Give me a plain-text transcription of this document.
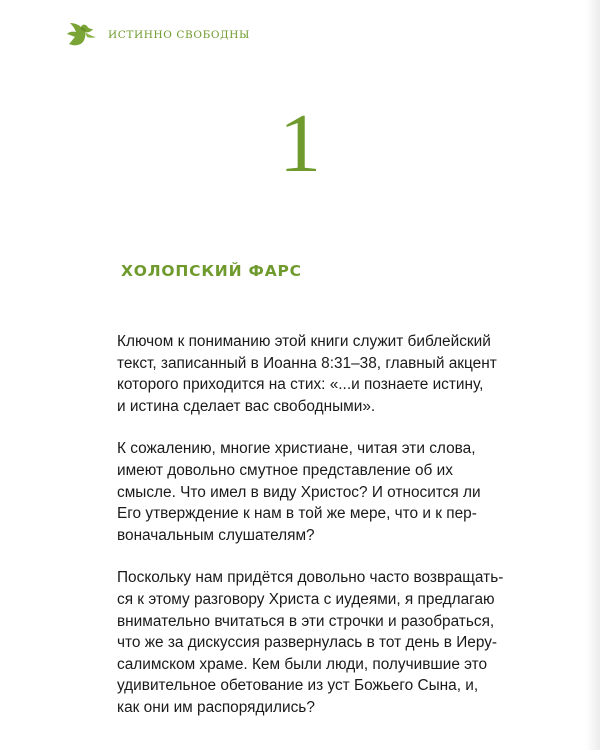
ИСТИННО СВОБОДНЫ
1
ХОЛОПСКИЙ ФАРС

Ключом к пониманию этой книги служит библейский
текст, записанный в Иоанна 8:31–38, главный акцент
которого приходится на стих: «...и познаете истину,
и истина сделает вас свободными».

К сожалению, многие христиане, читая эти слова,
имеют довольно смутное представление об их
смысле. Что имел в виду Христос? И относится ли
Его утверждение к нам в той же мере, что и к пер-
воначальным слушателям?

Поскольку нам придётся довольно часто возвращать-
ся к этому разговору Христа с иудеями, я предлагаю
внимательно вчитаться в эти строчки и разобраться,
что же за дискуссия развернулась в тот день в Иеру-
салимском храме. Кем были люди, получившие это
удивительное обетование из уст Божьего Сына, и,
как они им распорядились?
